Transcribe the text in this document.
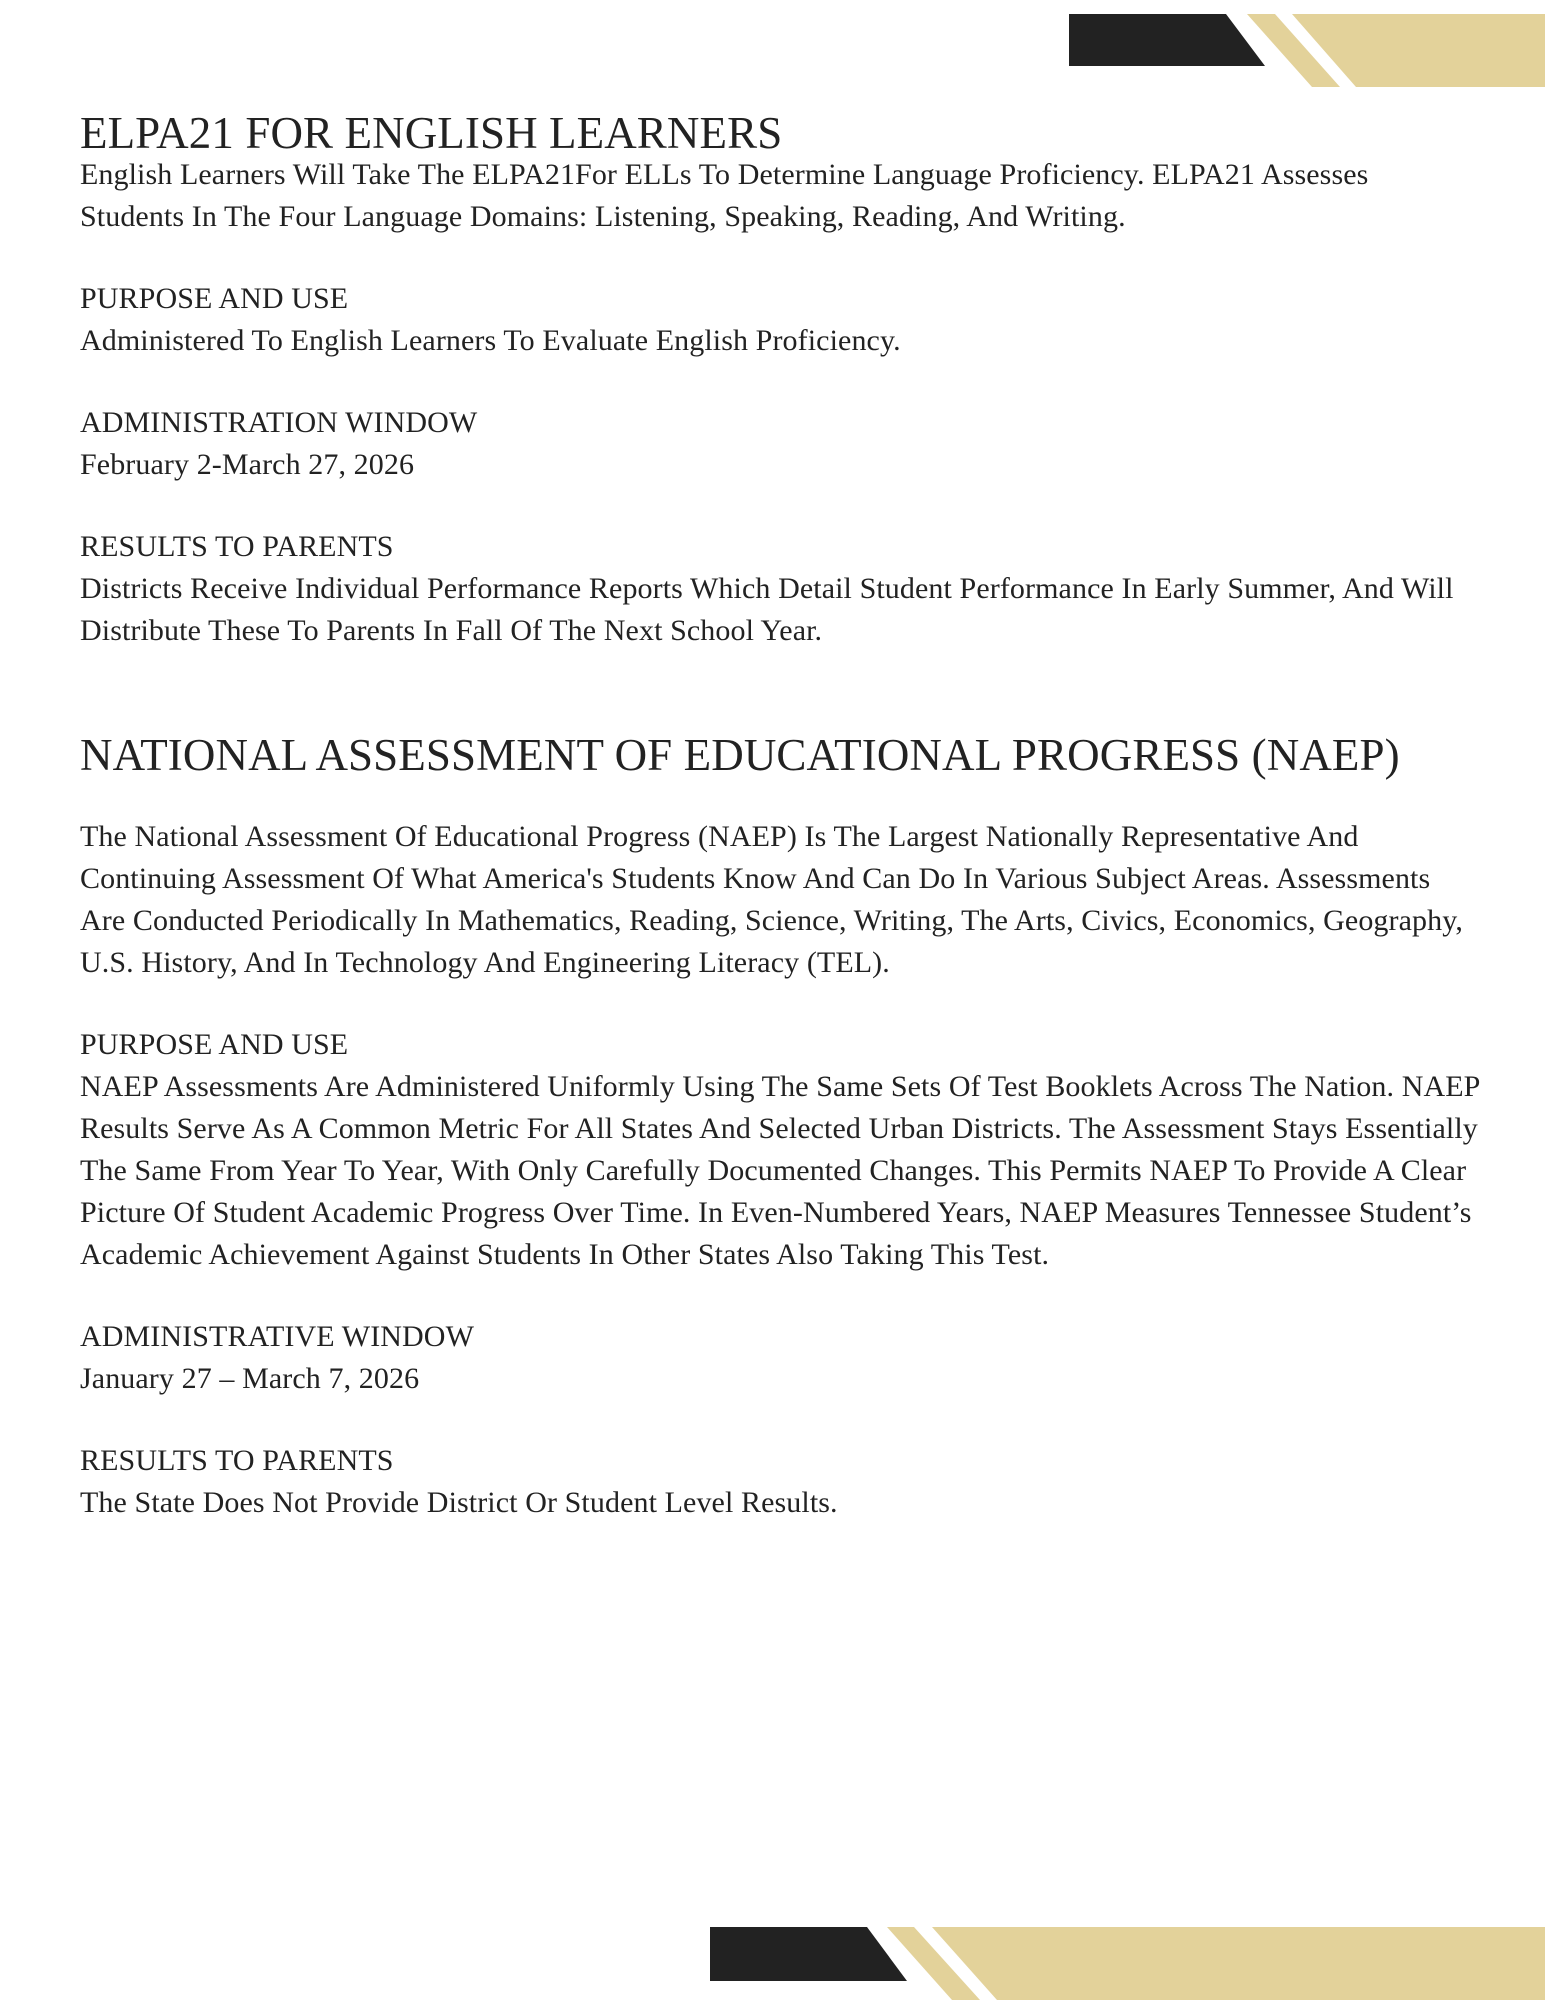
ELPA21 FOR ENGLISH LEARNERS

English Learners Will Take The ELPA21For ELLs To Determine Language Proficiency. ELPA21 Assesses Students In The Four Language Domains: Listening, Speaking, Reading, And Writing.

PURPOSE AND USE

Administered To English Learners To Evaluate English Proficiency.

ADMINISTRATION WINDOW

February 2-March 27, 2026

RESULTS TO PARENTS

Districts Receive Individual Performance Reports Which Detail Student Performance In Early Summer, And Will Distribute These To Parents In Fall Of The Next School Year.

NATIONAL ASSESSMENT OF EDUCATIONAL PROGRESS (NAEP)

The National Assessment Of Educational Progress (NAEP) Is The Largest Nationally Representative And Continuing Assessment Of What America's Students Know And Can Do In Various Subject Areas. Assessments Are Conducted Periodically In Mathematics, Reading, Science, Writing, The Arts, Civics, Economics, Geography, U.S. History, And In Technology And Engineering Literacy (TEL).

PURPOSE AND USE

NAEP Assessments Are Administered Uniformly Using The Same Sets Of Test Booklets Across The Nation. NAEP Results Serve As A Common Metric For All States And Selected Urban Districts. The Assessment Stays Essentially The Same From Year To Year, With Only Carefully Documented Changes. This Permits NAEP To Provide A Clear Picture Of Student Academic Progress Over Time. In Even-Numbered Years, NAEP Measures Tennessee Student’s Academic Achievement Against Students In Other States Also Taking This Test.

ADMINISTRATIVE WINDOW

January 27 – March 7, 2026

RESULTS TO PARENTS

The State Does Not Provide District Or Student Level Results.
